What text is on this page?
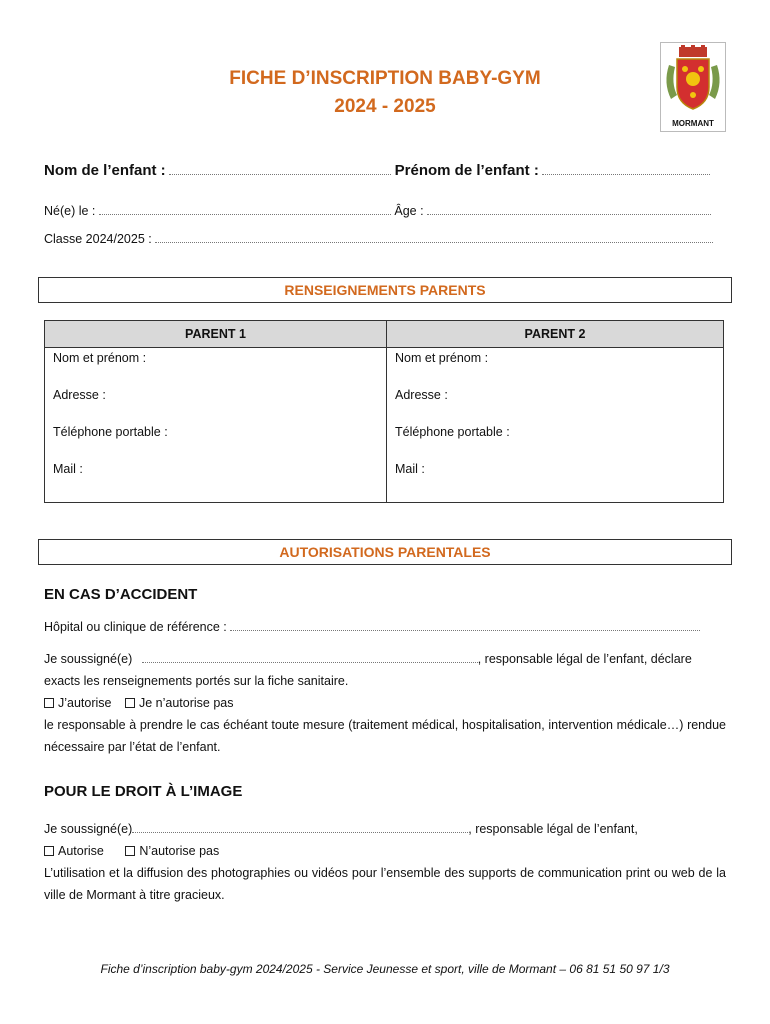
FICHE D’INSCRIPTION BABY-GYM
2024 - 2025
MORMANT
Nom de l’enfant :	Prénom de l’enfant :
Né(e) le :	Âge :
Classe 2024/2025 :
RENSEIGNEMENTS PARENTS
PARENT 1	PARENT 2
Nom et prénom :	Nom et prénom :
Adresse :	Adresse :
Téléphone portable :	Téléphone portable :
Mail :	Mail :
AUTORISATIONS PARENTALES
EN CAS D’ACCIDENT
Hôpital ou clinique de référence :
Je soussigné(e)	, responsable légal de l’enfant, déclare
exacts les renseignements portés sur la fiche sanitaire.
J’autorise Je n’autorise pas
le responsable à prendre le cas échéant toute mesure (traitement médical, hospitalisation, intervention médicale…) rendue nécessaire par l’état de l’enfant.
POUR LE DROIT À L’IMAGE
Je soussigné(e)	, responsable légal de l’enfant,
Autorise	N’autorise pas
L’utilisation et la diffusion des photographies ou vidéos pour l’ensemble des supports de communication print ou web de la ville de Mormant à titre gracieux.
Fiche d’inscription baby-gym 2024/2025 - Service Jeunesse et sport, ville de Mormant – 06 81 51 50 97 1/3
